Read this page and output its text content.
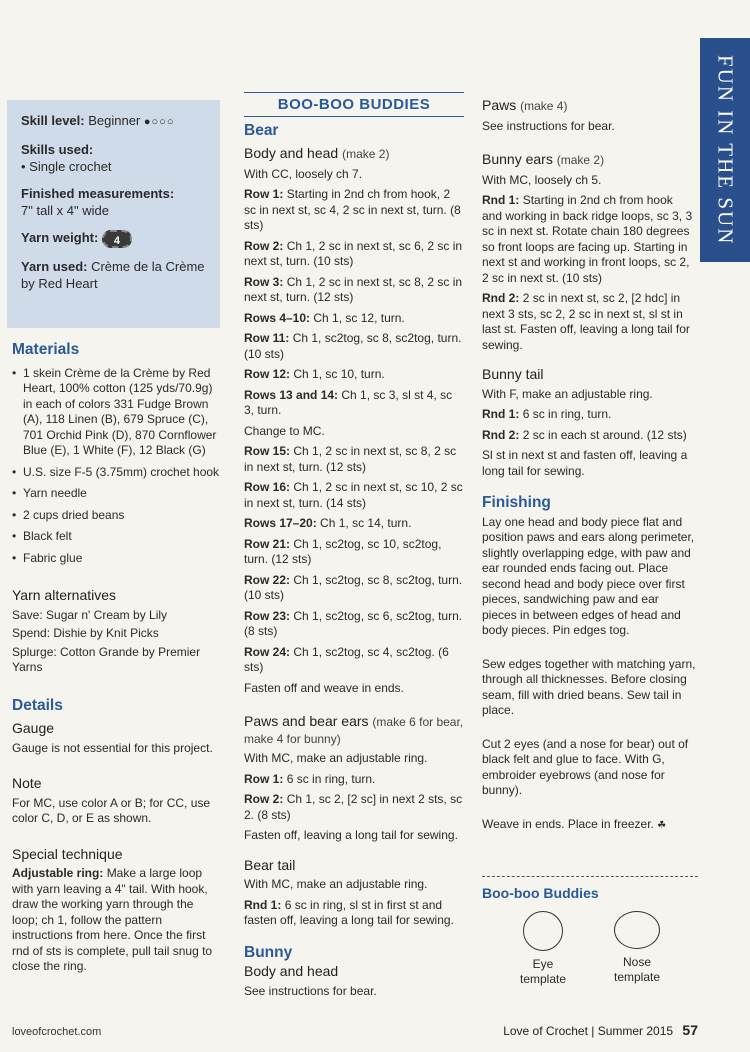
FUN IN THE SUN
Skill level: Beginner ●○○○
Skills used:
• Single crochet
Finished measurements:
7" tall x 4" wide
Yarn weight: 4
Yarn used: Crème de la Crème by Red Heart
Materials
• 1 skein Crème de la Crème by Red Heart, 100% cotton (125 yds/70.9g) in each of colors 331 Fudge Brown (A), 118 Linen (B), 679 Spruce (C), 701 Orchid Pink (D), 870 Cornflower Blue (E), 1 White (F), 12 Black (G)
• U.S. size F-5 (3.75mm) crochet hook
• Yarn needle
• 2 cups dried beans
• Black felt
• Fabric glue
Yarn alternatives

Save: Sugar n' Cream by Lily

Spend: Dishie by Knit Picks

Splurge: Cotton Grande by Premier Yarns

Details
Gauge

Gauge is not essential for this project.

Note

For MC, use color A or B; for CC, use color C, D, or E as shown.

Special technique

Adjustable ring: Make a large loop with yarn leaving a 4" tail. With hook, draw the working yarn through the loop; ch 1, follow the pattern instructions from here. Once the first rnd of sts is complete, pull tail snug to close the ring.

BOO-BOO BUDDIES
Bear
Body and head (make 2)

With CC, loosely ch 7.

Row 1: Starting in 2nd ch from hook, 2 sc in next st, sc 4, 2 sc in next st, turn. (8 sts)

Row 2: Ch 1, 2 sc in next st, sc 6, 2 sc in next st, turn. (10 sts)

Row 3: Ch 1, 2 sc in next st, sc 8, 2 sc in next st, turn. (12 sts)

Rows 4–10: Ch 1, sc 12, turn.

Row 11: Ch 1, sc2tog, sc 8, sc2tog, turn. (10 sts)

Row 12: Ch 1, sc 10, turn.

Rows 13 and 14: Ch 1, sc 3, sl st 4, sc 3, turn.

Change to MC.

Row 15: Ch 1, 2 sc in next st, sc 8, 2 sc in next st, turn. (12 sts)

Row 16: Ch 1, 2 sc in next st, sc 10, 2 sc in next st, turn. (14 sts)

Rows 17–20: Ch 1, sc 14, turn.

Row 21: Ch 1, sc2tog, sc 10, sc2tog, turn. (12 sts)

Row 22: Ch 1, sc2tog, sc 8, sc2tog, turn. (10 sts)

Row 23: Ch 1, sc2tog, sc 6, sc2tog, turn. (8 sts)

Row 24: Ch 1, sc2tog, sc 4, sc2tog. (6 sts)

Fasten off and weave in ends.

Paws and bear ears (make 6 for bear, make 4 for bunny)

With MC, make an adjustable ring.

Row 1: 6 sc in ring, turn.

Row 2: Ch 1, sc 2, [2 sc] in next 2 sts, sc 2. (8 sts)

Fasten off, leaving a long tail for sewing.

Bear tail

With MC, make an adjustable ring.

Rnd 1: 6 sc in ring, sl st in first st and fasten off, leaving a long tail for sewing.

Bunny
Body and head

See instructions for bear.

Paws (make 4)

See instructions for bear.

Bunny ears (make 2)

With MC, loosely ch 5.

Rnd 1: Starting in 2nd ch from hook and working in back ridge loops, sc 3, 3 sc in next st. Rotate chain 180 degrees so front loops are facing up. Starting in next st and working in front loops, sc 2, 2 sc in next st. (10 sts)

Rnd 2: 2 sc in next st, sc 2, [2 hdc] in next 3 sts, sc 2, 2 sc in next st, sl st in last st. Fasten off, leaving a long tail for sewing.

Bunny tail

With F, make an adjustable ring.

Rnd 1: 6 sc in ring, turn.

Rnd 2: 2 sc in each st around. (12 sts)

Sl st in next st and fasten off, leaving a long tail for sewing.

Finishing

Lay one head and body piece flat and position paws and ears along perimeter, slightly overlapping edge, with paw and ear rounded ends facing out. Place second head and body piece over first pieces, sandwiching paw and ear pieces in between edges of head and body pieces. Pin edges tog.

Sew edges together with matching yarn, through all thicknesses. Before closing seam, fill with dried beans. Sew tail in place.

Cut 2 eyes (and a nose for bear) out of black felt and glue to face. With G, embroider eyebrows (and nose for bunny).

Weave in ends. Place in freezer. ☘

Boo-boo Buddies
Eye template
Nose template
loveofcrochet.com	Love of Crochet | Summer 2015 57
